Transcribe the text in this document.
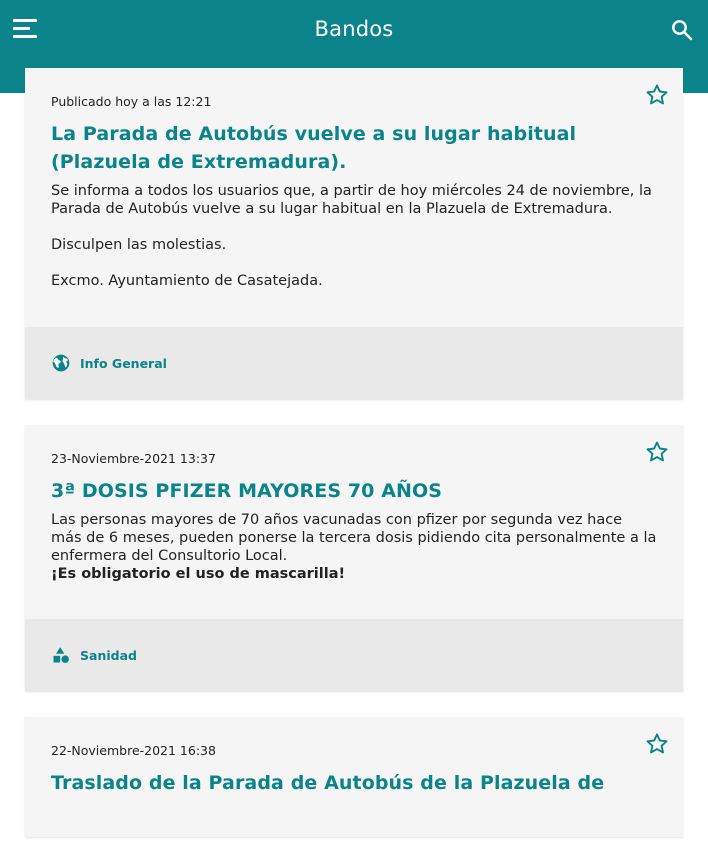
Bandos
Publicado hoy a las 12:21
La Parada de Autobús vuelve a su lugar habitual (Plazuela de Extremadura).

Se informa a todos los usuarios que, a partir de hoy miércoles 24 de noviembre, la Parada de Autobús vuelve a su lugar habitual en la Plazuela de Extremadura.

Disculpen las molestias.

Excmo. Ayuntamiento de Casatejada.

Info General
23-Noviembre-2021 13:37
3ª DOSIS PFIZER MAYORES 70 AÑOS

Las personas mayores de 70 años vacunadas con pfizer por segunda vez hace más de 6 meses, pueden ponerse la tercera dosis pidiendo cita personalmente a la enfermera del Consultorio Local.

¡Es obligatorio el uso de mascarilla!

Sanidad
22-Noviembre-2021 16:38
Traslado de la Parada de Autobús de la Plazuela de
